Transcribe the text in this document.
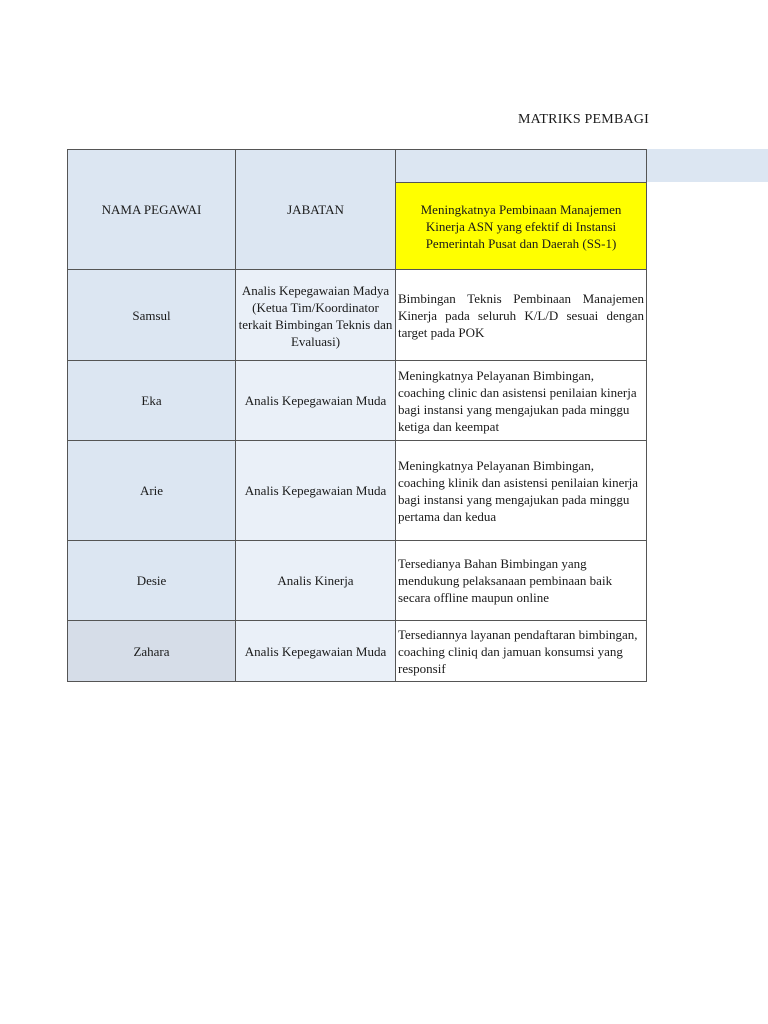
MATRIKS PEMBAGI
NAMA PEGAWAI	JABATAN	
		Meningkatnya Pembinaan Manajemen Kinerja ASN yang efektif di Instansi Pemerintah Pusat dan Daerah (SS-1)
Samsul	Analis Kepegawaian Madya (Ketua Tim/Koordinator terkait Bimbingan Teknis dan Evaluasi)	Bimbingan Teknis Pembinaan Manajemen Kinerja pada seluruh K/L/D sesuai dengan target pada POK
Eka	Analis Kepegawaian Muda	Meningkatnya Pelayanan Bimbingan, coaching clinic dan asistensi penilaian kinerja bagi instansi yang mengajukan pada minggu ketiga dan keempat
Arie	Analis Kepegawaian Muda	Meningkatnya Pelayanan Bimbingan, coaching klinik dan asistensi penilaian kinerja bagi instansi yang mengajukan pada minggu pertama dan kedua
Desie	Analis Kinerja	Tersedianya Bahan Bimbingan yang mendukung pelaksanaan pembinaan baik secara offline maupun online
Zahara	Analis Kepegawaian Muda	Tersediannya layanan pendaftaran bimbingan, coaching cliniq dan jamuan konsumsi yang responsif
